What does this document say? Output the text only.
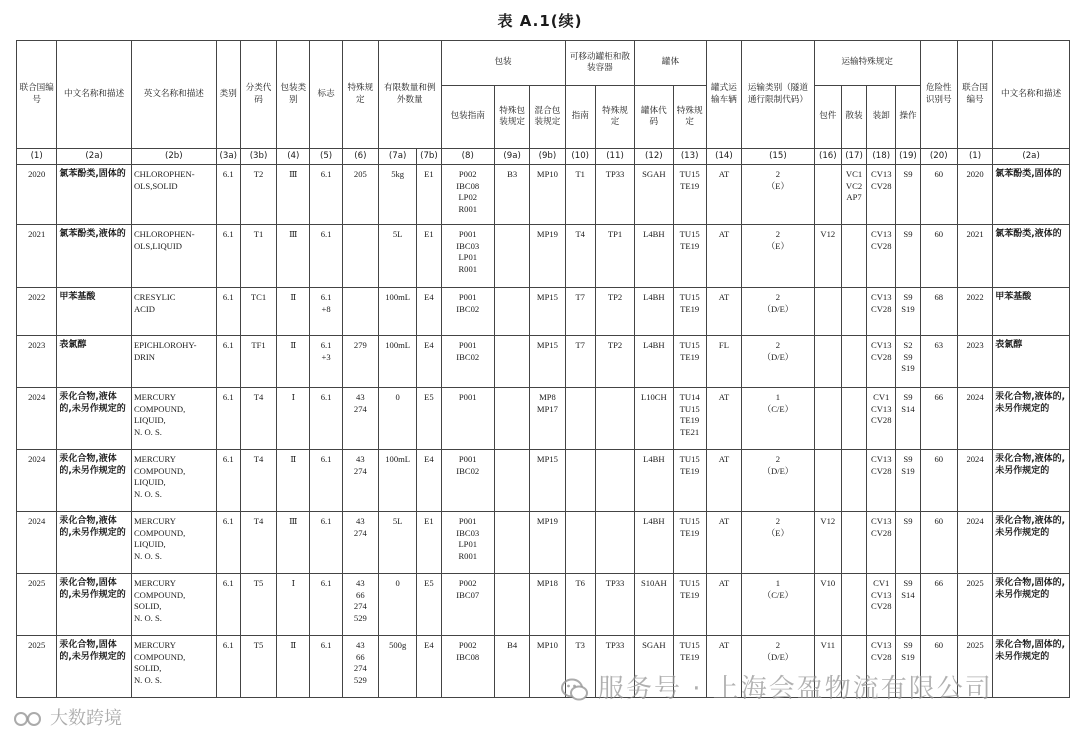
表 A.1(续)
联合国编号	中文名称和描述	英文名称和描述	类别	分类代码	包装类别	标志	特殊规定	有限数量和例外数量		包装			可移动罐柜和散装容器		罐体		罐式运输车辆	运输类别（隧道通行限制代码）	运输特殊规定				危险性识别号	联合国编号	中文名称和描述
										包装指南	特殊包装规定	混合包装规定	指南	特殊规定	罐体代码	特殊规定			包件	散装	装卸	操作			
(1)	(2a)	(2b)	(3a)	(3b)	(4)	(5)	(6)	(7a)	(7b)	(8)	(9a)	(9b)	(10)	(11)	(12)	(13)	(14)	(15)	(16)	(17)	(18)	(19)	(20)	(1)	(2a)
2020	氯苯酚类,固体的	CHLOROPHEN-
OLS,SOLID	6.1	T2	Ⅲ	6.1	205	5kg	E1	P002
IBC08
LP02
R001	B3	MP10	T1	TP33	SGAH	TU15
TE19	AT	2
（E）		VC1
VC2
AP7	CV13
CV28	S9	60	2020	氯苯酚类,固体的
2021	氯苯酚类,液体的	CHLOROPHEN-
OLS,LIQUID	6.1	T1	Ⅲ	6.1		5L	E1	P001
IBC03
LP01
R001		MP19	T4	TP1	L4BH	TU15
TE19	AT	2
（E）	V12		CV13
CV28	S9	60	2021	氯苯酚类,液体的
2022	甲苯基酸	CRESYLIC
ACID	6.1	TC1	Ⅱ	6.1
+8		100mL	E4	P001
IBC02		MP15	T7	TP2	L4BH	TU15
TE19	AT	2
（D/E）			CV13
CV28	S9
S19	68	2022	甲苯基酸
2023	表氯醇	EPICHLOROHY-
DRIN	6.1	TF1	Ⅱ	6.1
+3	279	100mL	E4	P001
IBC02		MP15	T7	TP2	L4BH	TU15
TE19	FL	2
（D/E）			CV13
CV28	S2
S9
S19	63	2023	表氯醇
2024	汞化合物,液体的,未另作规定的	MERCURY
COMPOUND,
LIQUID,
N. O. S.	6.1	T4	Ⅰ	6.1	43
274	0	E5	P001		MP8
MP17			L10CH	TU14
TU15
TE19
TE21	AT	1
（C/E）			CV1
CV13
CV28	S9
S14	66	2024	汞化合物,液体的,未另作规定的
2024	汞化合物,液体的,未另作规定的	MERCURY
COMPOUND,
LIQUID,
N. O. S.	6.1	T4	Ⅱ	6.1	43
274	100mL	E4	P001
IBC02		MP15			L4BH	TU15
TE19	AT	2
（D/E）			CV13
CV28	S9
S19	60	2024	汞化合物,液体的,未另作规定的
2024	汞化合物,液体的,未另作规定的	MERCURY
COMPOUND,
LIQUID,
N. O. S.	6.1	T4	Ⅲ	6.1	43
274	5L	E1	P001
IBC03
LP01
R001		MP19			L4BH	TU15
TE19	AT	2
（E）	V12		CV13
CV28	S9	60	2024	汞化合物,液体的,未另作规定的
2025	汞化合物,固体的,未另作规定的	MERCURY
COMPOUND,
SOLID,
N. O. S.	6.1	T5	Ⅰ	6.1	43
66
274
529	0	E5	P002
IBC07		MP18	T6	TP33	S10AH	TU15
TE19	AT	1
（C/E）	V10		CV1
CV13
CV28	S9
S14	66	2025	汞化合物,固体的,未另作规定的
2025	汞化合物,固体的,未另作规定的	MERCURY
COMPOUND,
SOLID,
N. O. S.	6.1	T5	Ⅱ	6.1	43
66
274
529	500g	E4	P002
IBC08	B4	MP10	T3	TP33	SGAH	TU15
TE19	AT	2
（D/E）	V11		CV13
CV28	S9
S19	60	2025	汞化合物,固体的,未另作规定的
服务号 · 上海会盈物流有限公司
大数跨境
